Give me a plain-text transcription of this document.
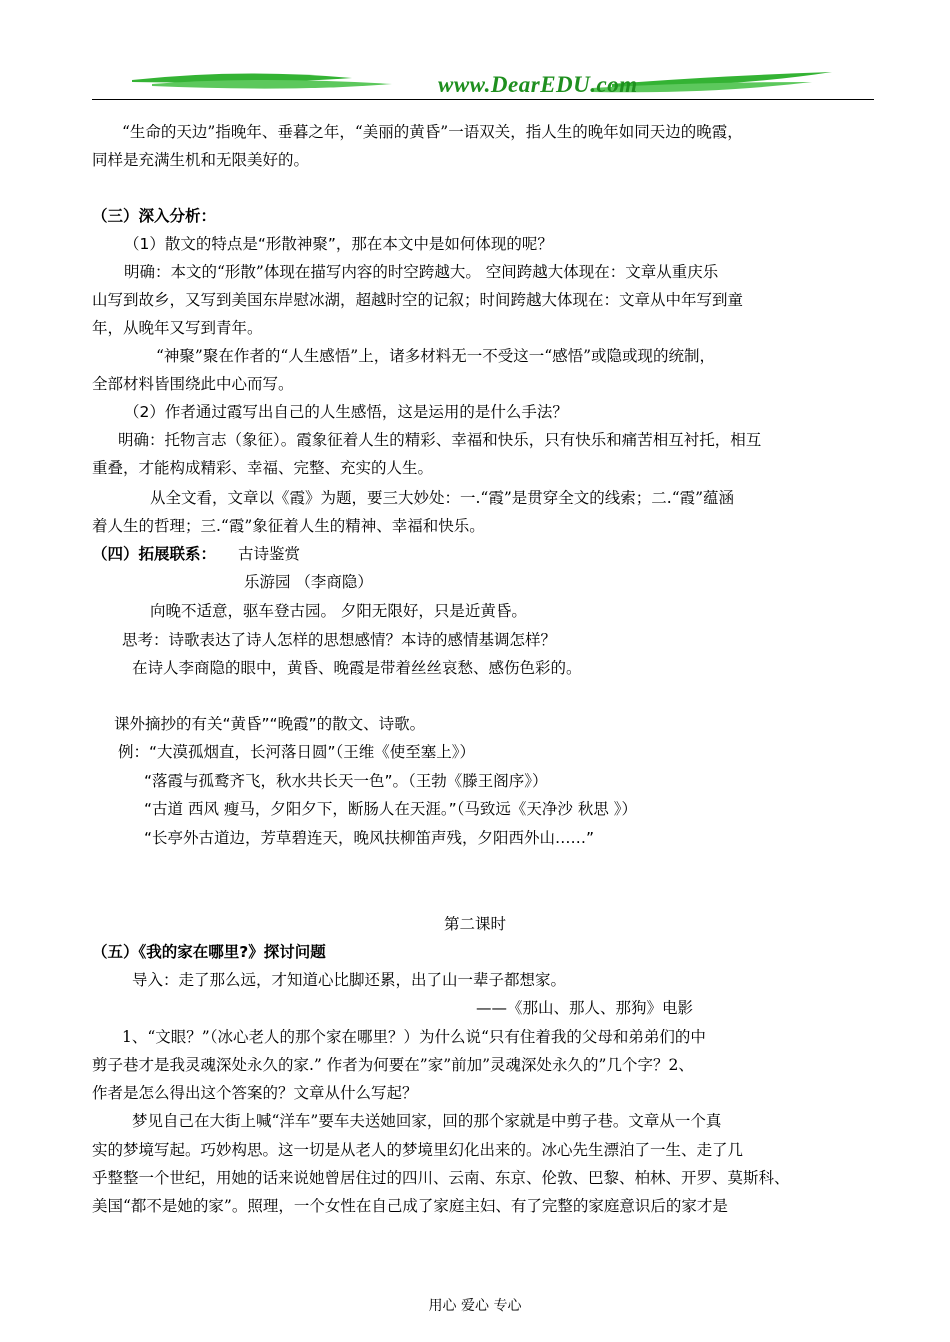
www.DearEDU.com
“生命的天边”指晚年、垂暮之年，“美丽的黄昏”一语双关，指人生的晚年如同天边的晚霞，
同样是充满生机和无限美好的。
（三）深入分析：
（1）散文的特点是“形散神聚”，那在本文中是如何体现的呢？
明确：本文的“形散”体现在描写内容的时空跨越大。 空间跨越大体现在：文章从重庆乐
山写到故乡，又写到美国东岸慰冰湖，超越时空的记叙；时间跨越大体现在：文章从中年写到童
年，从晚年又写到青年。
“神聚”聚在作者的“人生感悟”上，诸多材料无一不受这一“感悟”或隐或现的统制，
全部材料皆围绕此中心而写。
（2）作者通过霞写出自己的人生感悟，这是运用的是什么手法？
明确：托物言志（象征）。霞象征着人生的精彩、幸福和快乐，只有快乐和痛苦相互衬托，相互
重叠，才能构成精彩、幸福、完整、充实的人生。
从全文看，文章以《霞》为题，要三大妙处：一.“霞”是贯穿全文的线索；二.“霞”蕴涵
着人生的哲理；三.“霞”象征着人生的精神、幸福和快乐。
（四）拓展联系： 古诗鉴赏
乐游园 （李商隐）
向晚不适意，驱车登古园。 夕阳无限好，只是近黄昏。
思考：诗歌表达了诗人怎样的思想感情？本诗的感情基调怎样？
在诗人李商隐的眼中，黄昏、晚霞是带着丝丝哀愁、感伤色彩的。
课外摘抄的有关“黄昏”“晚霞”的散文、诗歌。
例：“大漠孤烟直，长河落日圆”（王维《使至塞上》）
“落霞与孤鹜齐飞，秋水共长天一色”。（王勃《滕王阁序》）
“古道 西风 瘦马，夕阳夕下，断肠人在天涯。”（马致远《天净沙 秋思 》）
“长亭外古道边，芳草碧连天，晚风扶柳笛声残，夕阳西外山……”
第二课时
（五）《我的家在哪里?》探讨问题
导入：走了那么远，才知道心比脚还累，出了山一辈子都想家。
——《那山、那人、那狗》电影
1、“文眼？”（冰心老人的那个家在哪里？）为什么说“只有住着我的父母和弟弟们的中
剪子巷才是我灵魂深处永久的家.” 作者为何要在”家”前加”灵魂深处永久的”几个字？2、
作者是怎么得出这个答案的？文章从什么写起？
梦见自己在大街上喊“洋车”要车夫送她回家，回的那个家就是中剪子巷。文章从一个真
实的梦境写起。巧妙构思。这一切是从老人的梦境里幻化出来的。冰心先生漂泊了一生、走了几
乎整整一个世纪，用她的话来说她曾居住过的四川、云南、东京、伦敦、巴黎、柏林、开罗、莫斯科、
美国“都不是她的家”。照理，一个女性在自己成了家庭主妇、有了完整的家庭意识后的家才是
用心 爱心 专心
